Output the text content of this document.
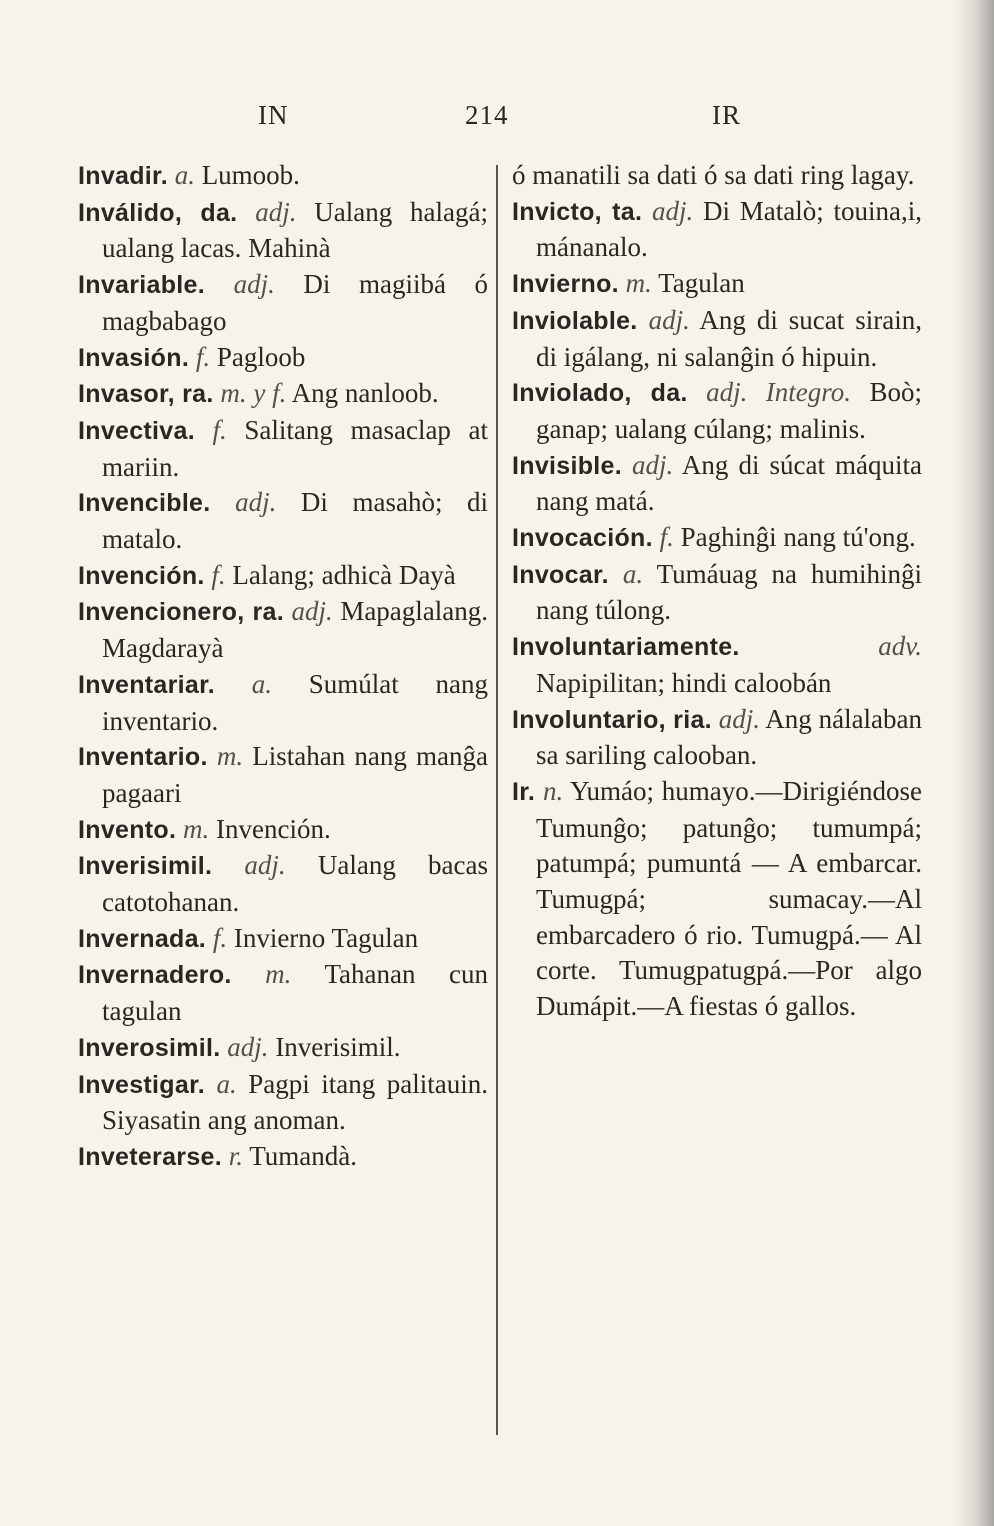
IN	214	IR

Invadir. a. Lumoob.

Inválido, da. adj. Ualang halagá; ualang lacas. Mahinà

Invariable. adj. Di magiibá ó magbabago

Invasión. f. Pagloob

Invasor, ra. m. y f. Ang nanloob.

Invectiva. f. Salitang masaclap at mariin.

Invencible. adj. Di masahò; di matalo.

Invención. f. Lalang; adhicà Dayà

Invencionero, ra. adj. Mapaglalang. Magdarayà

Inventariar. a. Sumúlat nang inventario.

Inventario. m. Listahan nang manĝa pagaari

Invento. m. Invención.

Inverisimil. adj. Ualang bacas catotohanan.

Invernada. f. Invierno Tagulan

Invernadero. m. Tahanan cun tagulan

Inverosimil. adj. Inverisimil.

Investigar. a. Pagpi itang palitauin. Siyasatin ang anoman.

Inveterarse. r. Tumandà.

ó manatili sa dati ó sa dati ring lagay.

Invicto, ta. adj. Di Matalò; touina,i, mánanalo.

Invierno. m. Tagulan

Inviolable. adj. Ang di sucat sirain, di igálang, ni salanĝin ó hipuin.

Inviolado, da. adj. Integro. Boò; ganap; ualang cúlang; malinis.

Invisible. adj. Ang di súcat máquita nang matá.

Invocación. f. Paghinĝi nang tú'ong.

Invocar. a. Tumáuag na humihinĝi nang túlong.

Involuntariamente.	adv. Napipilitan; hindi caloobán

Involuntario, ria. adj. Ang nálalaban sa sariling calooban.

Ir. n. Yumáo; humayo.—Dirigiéndose Tumunĝo; patunĝo; tumumpá; patumpá; pumuntá — A embarcar. Tumugpá; sumacay.—Al embarcadero ó rio. Tumugpá.— Al corte. Tumugpatugpá.—Por algo Dumápit.—A fiestas ó gallos.
